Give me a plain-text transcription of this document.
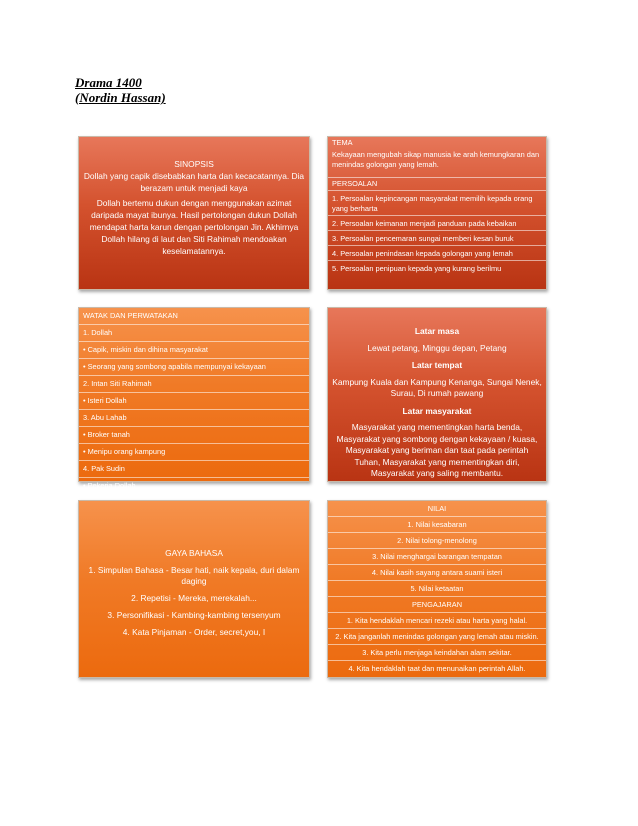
Drama 1400
(Nordin Hassan)
SINOPSIS

Dollah yang capik disebabkan harta dan kecacatannya. Dia berazam untuk menjadi kaya

Dollah bertemu dukun dengan menggunakan azimat daripada mayat ibunya. Hasil pertolongan dukun Dollah mendapat harta karun dengan pertolongan Jin. Akhirnya Dollah hilang di laut dan Siti Rahimah mendoakan keselamatannya.

TEMA
Kekayaan mengubah sikap manusia ke arah kemungkaran dan menindas golongan yang lemah.
PERSOALAN
1. Persoalan kepincangan masyarakat memilih kepada orang yang berharta
2. Persoalan keimanan menjadi panduan pada kebaikan
3. Persoalan pencemaran sungai memberi kesan buruk
4. Persoalan penindasan kepada golongan yang lemah
5. Persoalan penipuan kepada yang kurang berilmu
WATAK DAN PERWATAKAN
1. Dollah
• Capik, miskin dan dihina masyarakat
• Seorang yang sombong apabila mempunyai kekayaan
2. Intan Siti Rahimah
• Isteri Dollah
3. Abu Lahab
• Broker tanah
• Menipu orang kampung
4. Pak Sudin
• Pekerja Dollah
Latar masa

Lewat petang, Minggu depan, Petang

Latar tempat

Kampung Kuala dan Kampung Kenanga, Sungai Nenek, Surau, Di rumah pawang

Latar masyarakat

Masyarakat yang mementingkan harta benda, Masyarakat yang sombong dengan kekayaan / kuasa, Masyarakat yang beriman dan taat pada perintah Tuhan, Masyarakat yang mementingkan diri, Masyarakat yang saling membantu.

GAYA BAHASA

1. Simpulan Bahasa - Besar hati, naik kepala, duri dalam daging

2. Repetisi - Mereka, merekalah...

3. Personifikasi - Kambing-kambing tersenyum

4. Kata Pinjaman - Order, secret,you, I

NILAI
1. Nilai kesabaran
2. Nilai tolong-menolong
3. Nilai menghargai barangan tempatan
4. Nilai kasih sayang antara suami isteri
5. Nilai ketaatan
PENGAJARAN
1. Kita hendaklah mencari rezeki atau harta yang halal.
2. Kita janganlah menindas golongan yang lemah atau miskin.
3. Kita perlu menjaga keindahan alam sekitar.
4. Kita hendaklah taat dan menunaikan perintah Allah.
